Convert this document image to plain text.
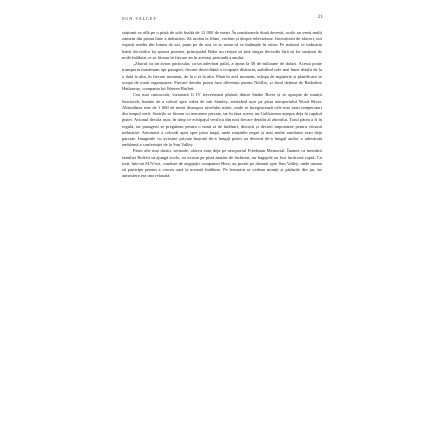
SUN VALLEY	21

stațiunii se află pe o pistă de schi înaltă de 12 000 de metri. În următoarele două decenii, acolo au venit mulți oameni din prima linie a industriei. Să urcăm la filme, vorbim și despre televiziune. Investitorii de afaceri, noi experți media din lumea de azi, pune pe de rost ce ar urma să se întâmple în viitor. Pe măsură ce industria luării deciziilor își sporea puterea, principalul Balet nu reușea să țină singur deciziile fără să fie susținut de noile întâlniri ce se făceau în fiecare an în aceeași perioadă a anului.

„Zborul cu un avion particular, ca un adevărat palat, a ajuns la 30 de milioane de dolari. Acesta poate transporta maximum opt pasageri, fiecare dezvoltând o ocupație distinctă, stabilind cele mai bune detalii de la o dată la alta, în fiecare moment, de la o zi la alta. Până în acel moment, echipa de inginerie și planificare se ocupa de toată organizarea. Fiecare detaliu putea face diferența pentru Netflix, și fiind deținut de Berkshire Hathaway, compania lui Warren Buffett.

Cea mai cunoscută, vizionată G IV traversează platoul dintre Snake River și se apropie de munții Sawtooth, înainte de a coborî spre valea de sub Stanley, aterizând ușor pe pista aeroportului Wood River. Altitudinea este de 1 600 de metri deasupra nivelului mării, unde se înregistrează cele mai mari temperaturi din timpul verii. Sosirile se făceau cu aeronave private, iar în ziua aceea, un Gulfstream aștepta deja la capătul pistei. Avionul decola ușor, în timp ce echipajul verifica din nou fiecare detaliu al zborului. Totul părea a fi în regulă, iar pasagerii se pregăteau pentru o nouă zi de întâlniri, discuții și decizii importante pentru viitorul industriei. Aeronava a coborât apoi spre pista largă, unde mașinile negre și mai multe autobuze erau deja parcate. Imaginile cu avioane private înșirate de-a lungul pistei au devenit de-a lungul anilor o adevărată emblemă a conferinței de la Sun Valley.

Patru zile mai târziu, secunde, câteva erau deja pe aeroportul Friedman Memorial. Înainte ca membrii familiei Buffett să ajungă acolo, au existat pe pistă mașini de închiriat, iar bagajele au fost încărcate rapid. Cu toții, într-un SUV-uri, conduse de angajații companiei Herz, au pornit pe drumul spre Sun Valley, unde urmau să participe pentru a cincea oară la această întâlnire. Pe fereastră se vedeau munții și pădurile din jur, iar atmosfera era una relaxată.
